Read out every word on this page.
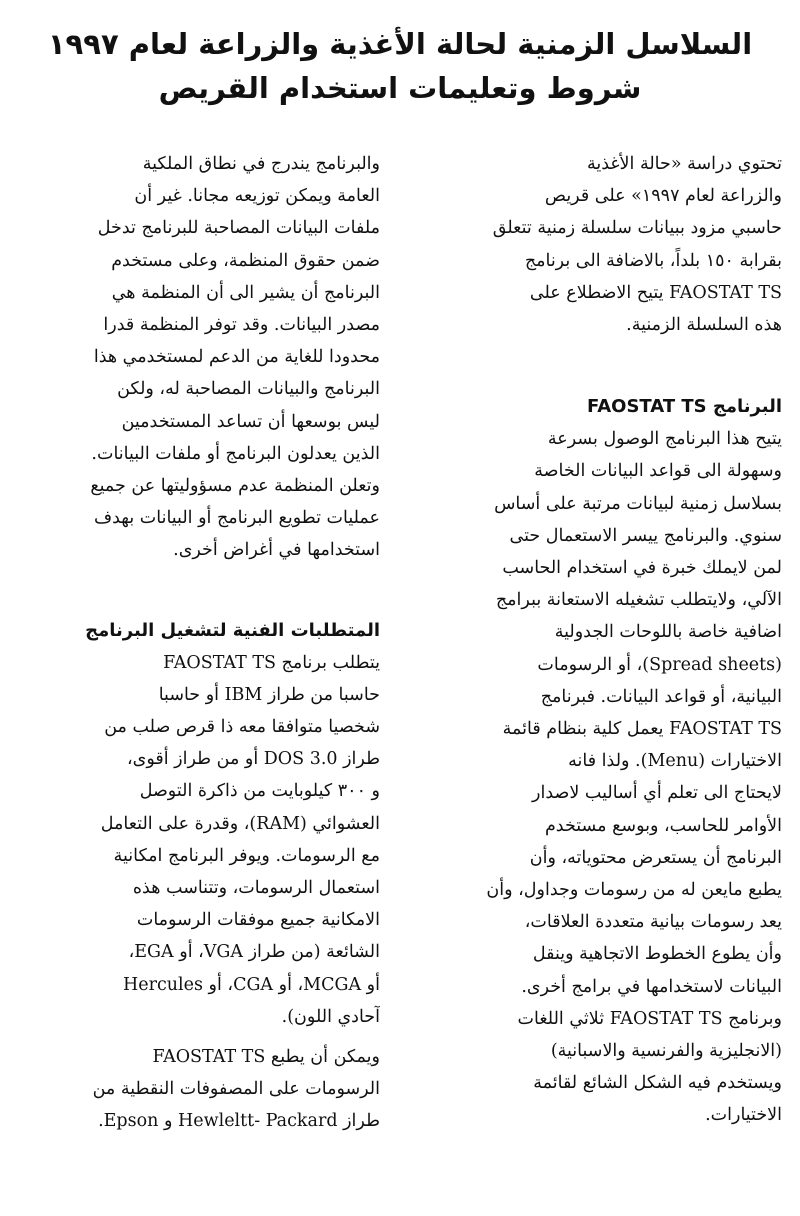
السلاسل الزمنية لحالة الأغذية والزراعة لعام ١٩٩٧
شروط وتعليمات استخدام القريص

تحتوي دراسة «حالة الأغذية
والزراعة لعام ١٩٩٧» على قريص
حاسبي مزود ببيانات سلسلة زمنية تتعلق
بقرابة ١٥٠ بلداً، بالاضافة الى برنامج
FAOSTAT TS يتيح الاضطلاع على
هذه السلسلة الزمنية.

البرنامج FAOSTAT TS

يتيح هذا البرنامج الوصول بسرعة
وسهولة الى قواعد البيانات الخاصة
بسلاسل زمنية لبيانات مرتبة على أساس
سنوي. والبرنامج ييسر الاستعمال حتى
لمن لايملك خبرة في استخدام الحاسب
الآلي، ولايتطلب تشغيله الاستعانة ببرامج
اضافية خاصة باللوحات الجدولية
(Spread sheets)، أو الرسومات
البيانية، أو قواعد البيانات. فبرنامج
FAOSTAT TS يعمل كلية بنظام قائمة
الاختيارات (Menu). ولذا فانه
لايحتاج الى تعلم أي أساليب لاصدار
الأوامر للحاسب، وبوسع مستخدم
البرنامج أن يستعرض محتوياته، وأن
يطبع مايعن له من رسومات وجداول، وأن
يعد رسومات بيانية متعددة العلاقات،
وأن يطوع الخطوط الاتجاهية وينقل
البيانات لاستخدامها في برامج أخرى.
وبرنامج FAOSTAT TS ثلاثي اللغات
(الانجليزية والفرنسية والاسبانية)
ويستخدم فيه الشكل الشائع لقائمة
الاختيارات.

والبرنامج يندرج في نطاق الملكية
العامة ويمكن توزيعه مجانا. غير أن
ملفات البيانات المصاحبة للبرنامج تدخل
ضمن حقوق المنظمة، وعلى مستخدم
البرنامج أن يشير الى أن المنظمة هي
مصدر البيانات. وقد توفر المنظمة قدرا
محدودا للغاية من الدعم لمستخدمي هذا
البرنامج والبيانات المصاحبة له، ولكن
ليس بوسعها أن تساعد المستخدمين
الذين يعدلون البرنامج أو ملفات البيانات.
وتعلن المنظمة عدم مسؤوليتها عن جميع
عمليات تطويع البرنامج أو البيانات بهدف
استخدامها في أغراض أخرى.

المتطلبات الفنية لتشغيل البرنامج

يتطلب برنامج FAOSTAT TS
حاسبا من طراز IBM أو حاسبا
شخصيا متوافقا معه ذا قرص صلب من
طراز DOS 3.0 أو من طراز أقوى،
و ٣٠٠ كيلوبايت من ذاكرة التوصل
العشوائي (RAM)، وقدرة على التعامل
مع الرسومات. ويوفر البرنامج امكانية
استعمال الرسومات، وتتناسب هذه
الامكانية جميع موفقات الرسومات
الشائعة (من طراز VGA، أو EGA،
أو MCGA، أو CGA، أو Hercules
آحادي اللون).

ويمكن أن يطبع FAOSTAT TS
الرسومات على المصفوفات النقطية من
طراز Hewleltt- Packard و Epson.
